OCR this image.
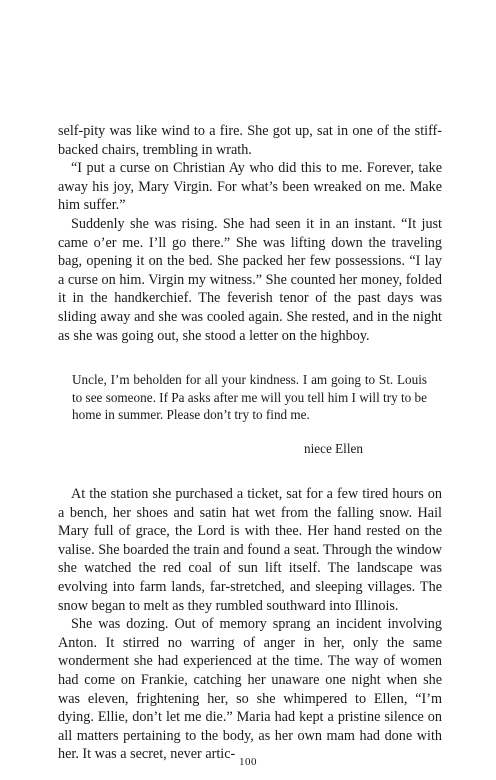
self-pity was like wind to a fire. She got up, sat in one of the stiff-backed chairs, trembling in wrath.

“I put a curse on Christian Ay who did this to me. Forever, take away his joy, Mary Virgin. For what’s been wreaked on me. Make him suffer.”

Suddenly she was rising. She had seen it in an instant. “It just came o’er me. I’ll go there.” She was lifting down the traveling bag, opening it on the bed. She packed her few possessions. “I lay a curse on him. Virgin my witness.” She counted her money, folded it in the handkerchief. The feverish tenor of the past days was sliding away and she was cooled again. She rested, and in the night as she was going out, she stood a letter on the highboy.

Uncle, I’m beholden for all your kindness. I am going to St. Louis to see someone. If Pa asks after me will you tell him I will try to be home in summer. Please don’t try to find me.

niece Ellen

At the station she purchased a ticket, sat for a few tired hours on a bench, her shoes and satin hat wet from the falling snow. Hail Mary full of grace, the Lord is with thee. Her hand rested on the valise. She boarded the train and found a seat. Through the window she watched the red coal of sun lift itself. The landscape was evolving into farm lands, far-stretched, and sleeping villages. The snow began to melt as they rumbled southward into Illinois.

She was dozing. Out of memory sprang an incident involving Anton. It stirred no warring of anger in her, only the same wonderment she had experienced at the time. The way of women had come on Frankie, catching her unaware one night when she was eleven, frightening her, so she whimpered to Ellen, “I’m dying. Ellie, don’t let me die.” Maria had kept a pristine silence on all matters pertaining to the body, as her own mam had done with her. It was a secret, never artic- 100
